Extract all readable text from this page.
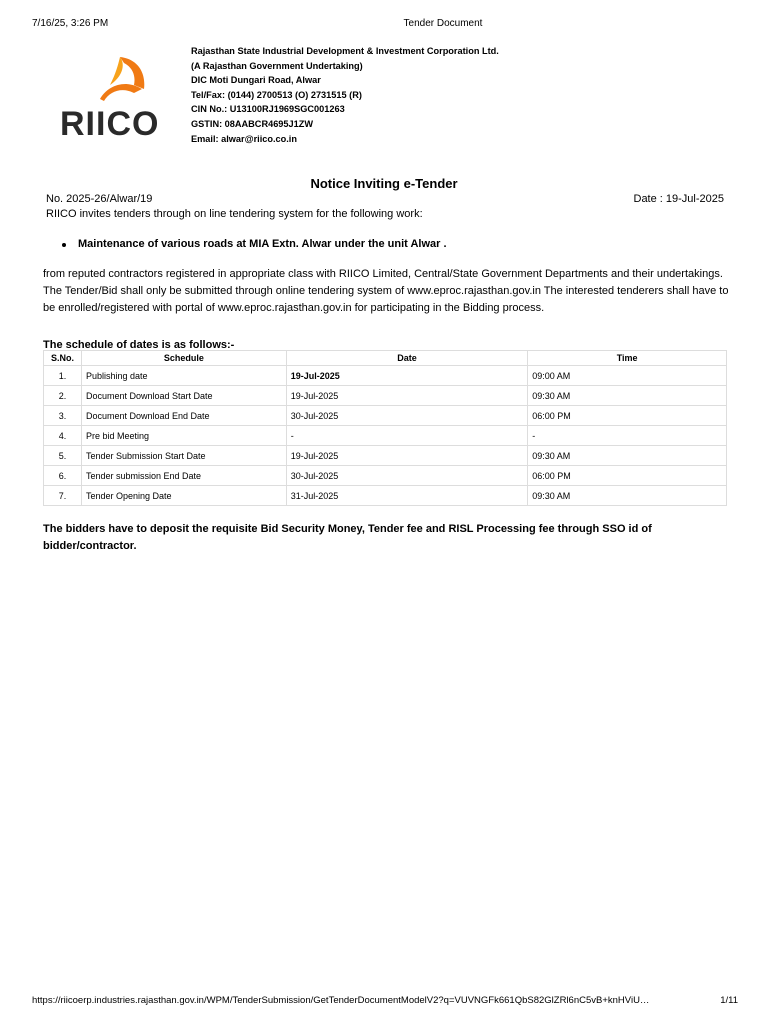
7/16/25, 3:26 PM	Tender Document
RIICO
Rajasthan State Industrial Development & Investment Corporation Ltd.
(A Rajasthan Government Undertaking)
DIC Moti Dungari Road, Alwar
Tel/Fax: (0144) 2700513 (O) 2731515 (R)
CIN No.: U13100RJ1969SGC001263
GSTIN: 08AABCR4695J1ZW
Email: alwar@riico.co.in
Notice Inviting e-Tender
No. 2025-26/Alwar/19	Date : 19-Jul-2025
RIICO invites tenders through on line tendering system for the following work:
Maintenance of various roads at MIA Extn. Alwar under the unit Alwar .
from reputed contractors registered in appropriate class with RIICO Limited, Central/State Government Departments and their undertakings. The Tender/Bid shall only be submitted through online tendering system of www.eproc.rajasthan.gov.in The interested tenderers shall have to be enrolled/registered with portal of www.eproc.rajasthan.gov.in for participating in the Bidding process.
The schedule of dates is as follows:-
S.No.	Schedule	Date	Time
1.	Publishing date	19-Jul-2025	09:00 AM
2.	Document Download Start Date	19-Jul-2025	09:30 AM
3.	Document Download End Date	30-Jul-2025	06:00 PM
4.	Pre bid Meeting	-	-
5.	Tender Submission Start Date	19-Jul-2025	09:30 AM
6.	Tender submission End Date	30-Jul-2025	06:00 PM
7.	Tender Opening Date	31-Jul-2025	09:30 AM
The bidders have to deposit the requisite Bid Security Money, Tender fee and RISL Processing fee through SSO id of bidder/contractor.
https://riicoerp.industries.rajasthan.gov.in/WPM/TenderSubmission/GetTenderDocumentModelV2?q=VUVNGFk661QbS82GlZRl6nC5vB+knHViU…	1/11
